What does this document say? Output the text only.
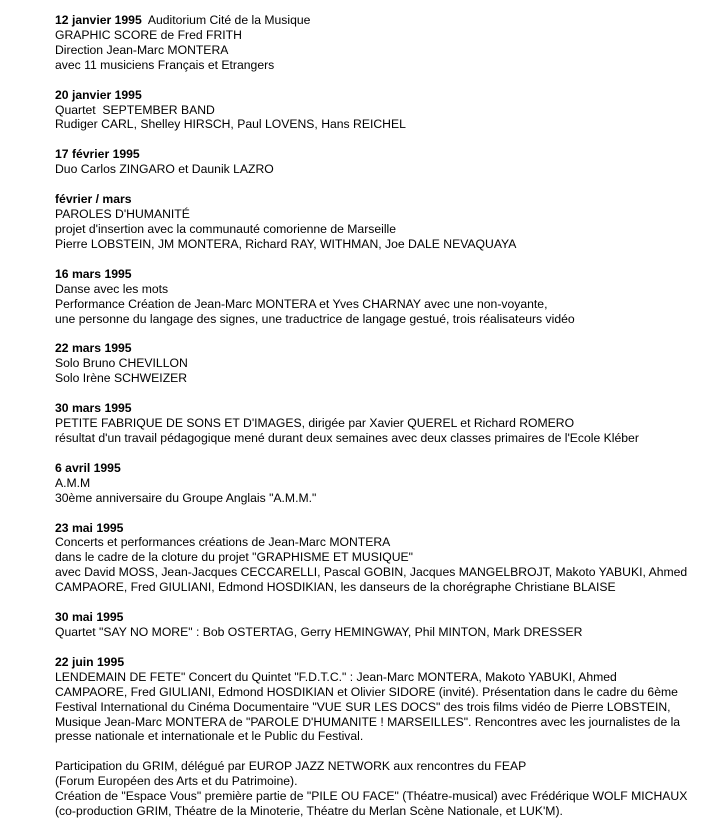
12 janvier 1995  Auditorium Cité de la Musique
GRAPHIC SCORE de Fred FRITH
Direction Jean-Marc MONTERA
avec 11 musiciens Français et Etrangers
20 janvier 1995
Quartet  SEPTEMBER BAND
Rudiger CARL, Shelley HIRSCH, Paul LOVENS, Hans REICHEL
17 février 1995
Duo Carlos ZINGARO et Daunik LAZRO
février / mars
PAROLES D'HUMANITÉ
projet d'insertion avec la communauté comorienne de Marseille
Pierre LOBSTEIN, JM MONTERA, Richard RAY, WITHMAN, Joe DALE NEVAQUAYA
16 mars 1995
Danse avec les mots
Performance Création de Jean-Marc MONTERA et Yves CHARNAY avec une non-voyante,
une personne du langage des signes, une traductrice de langage gestué, trois réalisateurs vidéo
22 mars 1995
Solo Bruno CHEVILLON
Solo Irène SCHWEIZER
30 mars 1995
PETITE FABRIQUE DE SONS ET D'IMAGES, dirigée par Xavier QUEREL et Richard ROMERO
résultat d'un travail pédagogique mené durant deux semaines avec deux classes primaires de l'Ecole Kléber
6 avril 1995
A.M.M
30ème anniversaire du Groupe Anglais "A.M.M."
23 mai 1995
Concerts et performances créations de Jean-Marc MONTERA
dans le cadre de la cloture du projet "GRAPHISME ET MUSIQUE"
avec David MOSS, Jean-Jacques CECCARELLI, Pascal GOBIN, Jacques MANGELBROJT, Makoto YABUKI, Ahmed
CAMPAORE, Fred GIULIANI, Edmond HOSDIKIAN, les danseurs de la chorégraphe Christiane BLAISE
30 mai 1995
Quartet "SAY NO MORE" : Bob OSTERTAG, Gerry HEMINGWAY, Phil MINTON, Mark DRESSER
22 juin 1995
LENDEMAIN DE FETE" Concert du Quintet "F.D.T.C." : Jean-Marc MONTERA, Makoto YABUKI, Ahmed
CAMPAORE, Fred GIULIANI, Edmond HOSDIKIAN et Olivier SIDORE (invité). Présentation dans le cadre du 6ème
Festival International du Cinéma Documentaire "VUE SUR LES DOCS" des trois films vidéo de Pierre LOBSTEIN,
Musique Jean-Marc MONTERA de "PAROLE D'HUMANITE ! MARSEILLES". Rencontres avec les journalistes de la
presse nationale et internationale et le Public du Festival.
Participation du GRIM, délégué par EUROP JAZZ NETWORK aux rencontres du FEAP
(Forum Européen des Arts et du Patrimoine).
Création de "Espace Vous" première partie de "PILE OU FACE" (Théatre-musical) avec Frédérique WOLF MICHAUX
(co-production GRIM, Théatre de la Minoterie, Théatre du Merlan Scène Nationale, et LUK'M).
